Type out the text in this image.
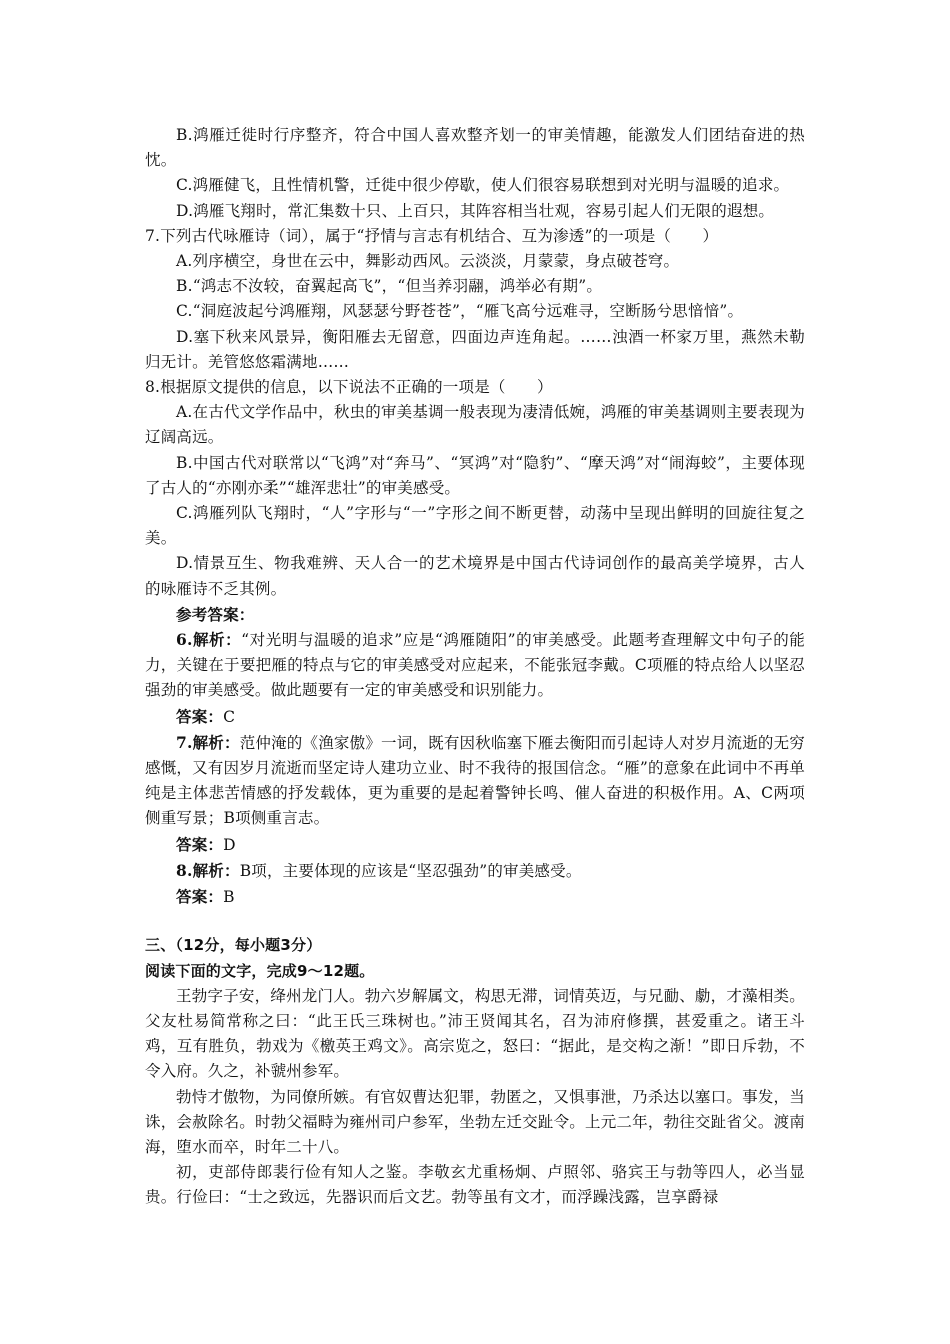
B.鸿雁迁徙时行序整齐，符合中国人喜欢整齐划一的审美情趣，能激发人们团结奋进的热忱。

C.鸿雁健飞，且性情机警，迁徙中很少停歇，使人们很容易联想到对光明与温暖的追求。

D.鸿雁飞翔时，常汇集数十只、上百只，其阵容相当壮观，容易引起人们无限的遐想。

7.下列古代咏雁诗（词），属于“抒情与言志有机结合、互为渗透”的一项是（　　）

A.列序横空，身世在云中，舞影动西风。云淡淡，月蒙蒙，身点破苍穹。

B.“鸿志不汝较，奋翼起高飞”，“但当养羽翮，鸿举必有期”。

C.“洞庭波起兮鸿雁翔，风瑟瑟兮野苍苍”，“雁飞高兮远难寻，空断肠兮思愔愔”。

D.塞下秋来风景异，衡阳雁去无留意，四面边声连角起。……浊酒一杯家万里，燕然未勒归无计。羌管悠悠霜满地……

8.根据原文提供的信息，以下说法不正确的一项是（　　）

A.在古代文学作品中，秋虫的审美基调一般表现为凄清低婉，鸿雁的审美基调则主要表现为辽阔高远。

B.中国古代对联常以“飞鸿”对“奔马”、“冥鸿”对“隐豹”、“摩天鸿”对“闹海蛟”，主要体现了古人的“亦刚亦柔”“雄浑悲壮”的审美感受。

C.鸿雁列队飞翔时，“人”字形与“一”字形之间不断更替，动荡中呈现出鲜明的回旋往复之美。

D.情景互生、物我难辨、天人合一的艺术境界是中国古代诗词创作的最高美学境界，古人的咏雁诗不乏其例。

参考答案：

6.解析：“对光明与温暖的追求”应是“鸿雁随阳”的审美感受。此题考查理解文中句子的能力，关键在于要把雁的特点与它的审美感受对应起来，不能张冠李戴。C项雁的特点给人以坚忍强劲的审美感受。做此题要有一定的审美感受和识别能力。

答案：C

7.解析：范仲淹的《渔家傲》一词，既有因秋临塞下雁去衡阳而引起诗人对岁月流逝的无穷感慨，又有因岁月流逝而坚定诗人建功立业、时不我待的报国信念。“雁”的意象在此词中不再单纯是主体悲苦情感的抒发载体，更为重要的是起着警钟长鸣、催人奋进的积极作用。A、C两项侧重写景；B项侧重言志。

答案：D

8.解析：B项，主要体现的应该是“坚忍强劲”的审美感受。

答案：B

三、（12分，每小题3分）

阅读下面的文字，完成9～12题。

王勃字子安，绛州龙门人。勃六岁解属文，构思无滞，词情英迈，与兄勔、勮，才藻相类。父友杜易简常称之曰：“此王氏三珠树也。”沛王贤闻其名，召为沛府修撰，甚爱重之。诸王斗鸡，互有胜负，勃戏为《檄英王鸡文》。高宗览之，怒曰：“据此，是交构之渐！”即日斥勃，不令入府。久之，补虢州参军。

勃恃才傲物，为同僚所嫉。有官奴曹达犯罪，勃匿之，又惧事泄，乃杀达以塞口。事发，当诛，会赦除名。时勃父福畤为雍州司户参军，坐勃左迁交趾令。上元二年，勃往交趾省父。渡南海，堕水而卒，时年二十八。

初，吏部侍郎裴行俭有知人之鉴。李敬玄尤重杨炯、卢照邻、骆宾王与勃等四人，必当显贵。行俭曰：“士之致远，先器识而后文艺。勃等虽有文才，而浮躁浅露，岂享爵禄
